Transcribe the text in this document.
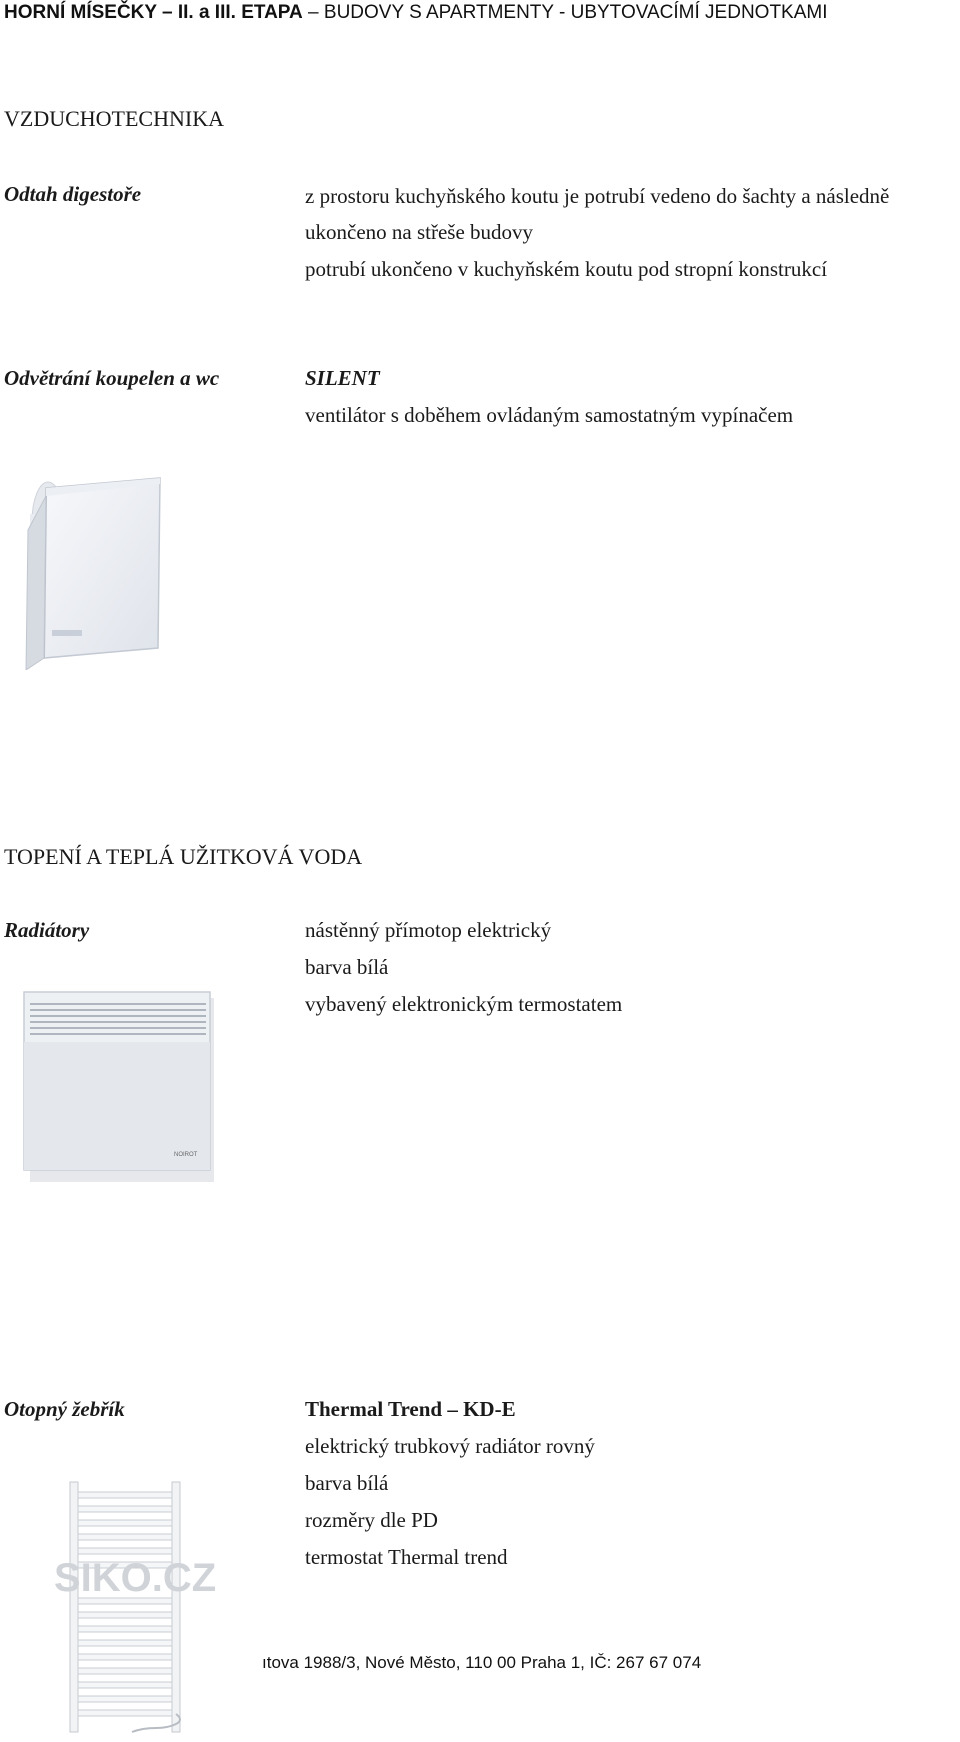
HORNÍ MÍSEČKY – II. a III. ETAPA – BUDOVY S APARTMENTY - UBYTOVACÍMÍ JEDNOTKAMI
VZDUCHOTECHNIKA
Odtah digestoře	z prostoru kuchyňského koutu je potrubí vedeno do šachty a následně
ukončeno na střeše budovy
potrubí ukončeno v kuchyňském koutu pod stropní konstrukcí
Odvětrání koupelen a wc	SILENT
ventilátor s doběhem ovládaným samostatným vypínačem
TOPENÍ A TEPLÁ UŽITKOVÁ VODA
Radiátory	nástěnný přímotop elektrický
barva bílá
vybavený elektronickým termostatem
NOIROT
Otopný žebřík	Thermal Trend – KD-E
elektrický trubkový radiátor rovný
barva bílá
rozměry dle PD
termostat Thermal trend
SIKO.CZ
ıtova 1988/3, Nové Město, 110 00 Praha 1, IČ: 267 67 074
